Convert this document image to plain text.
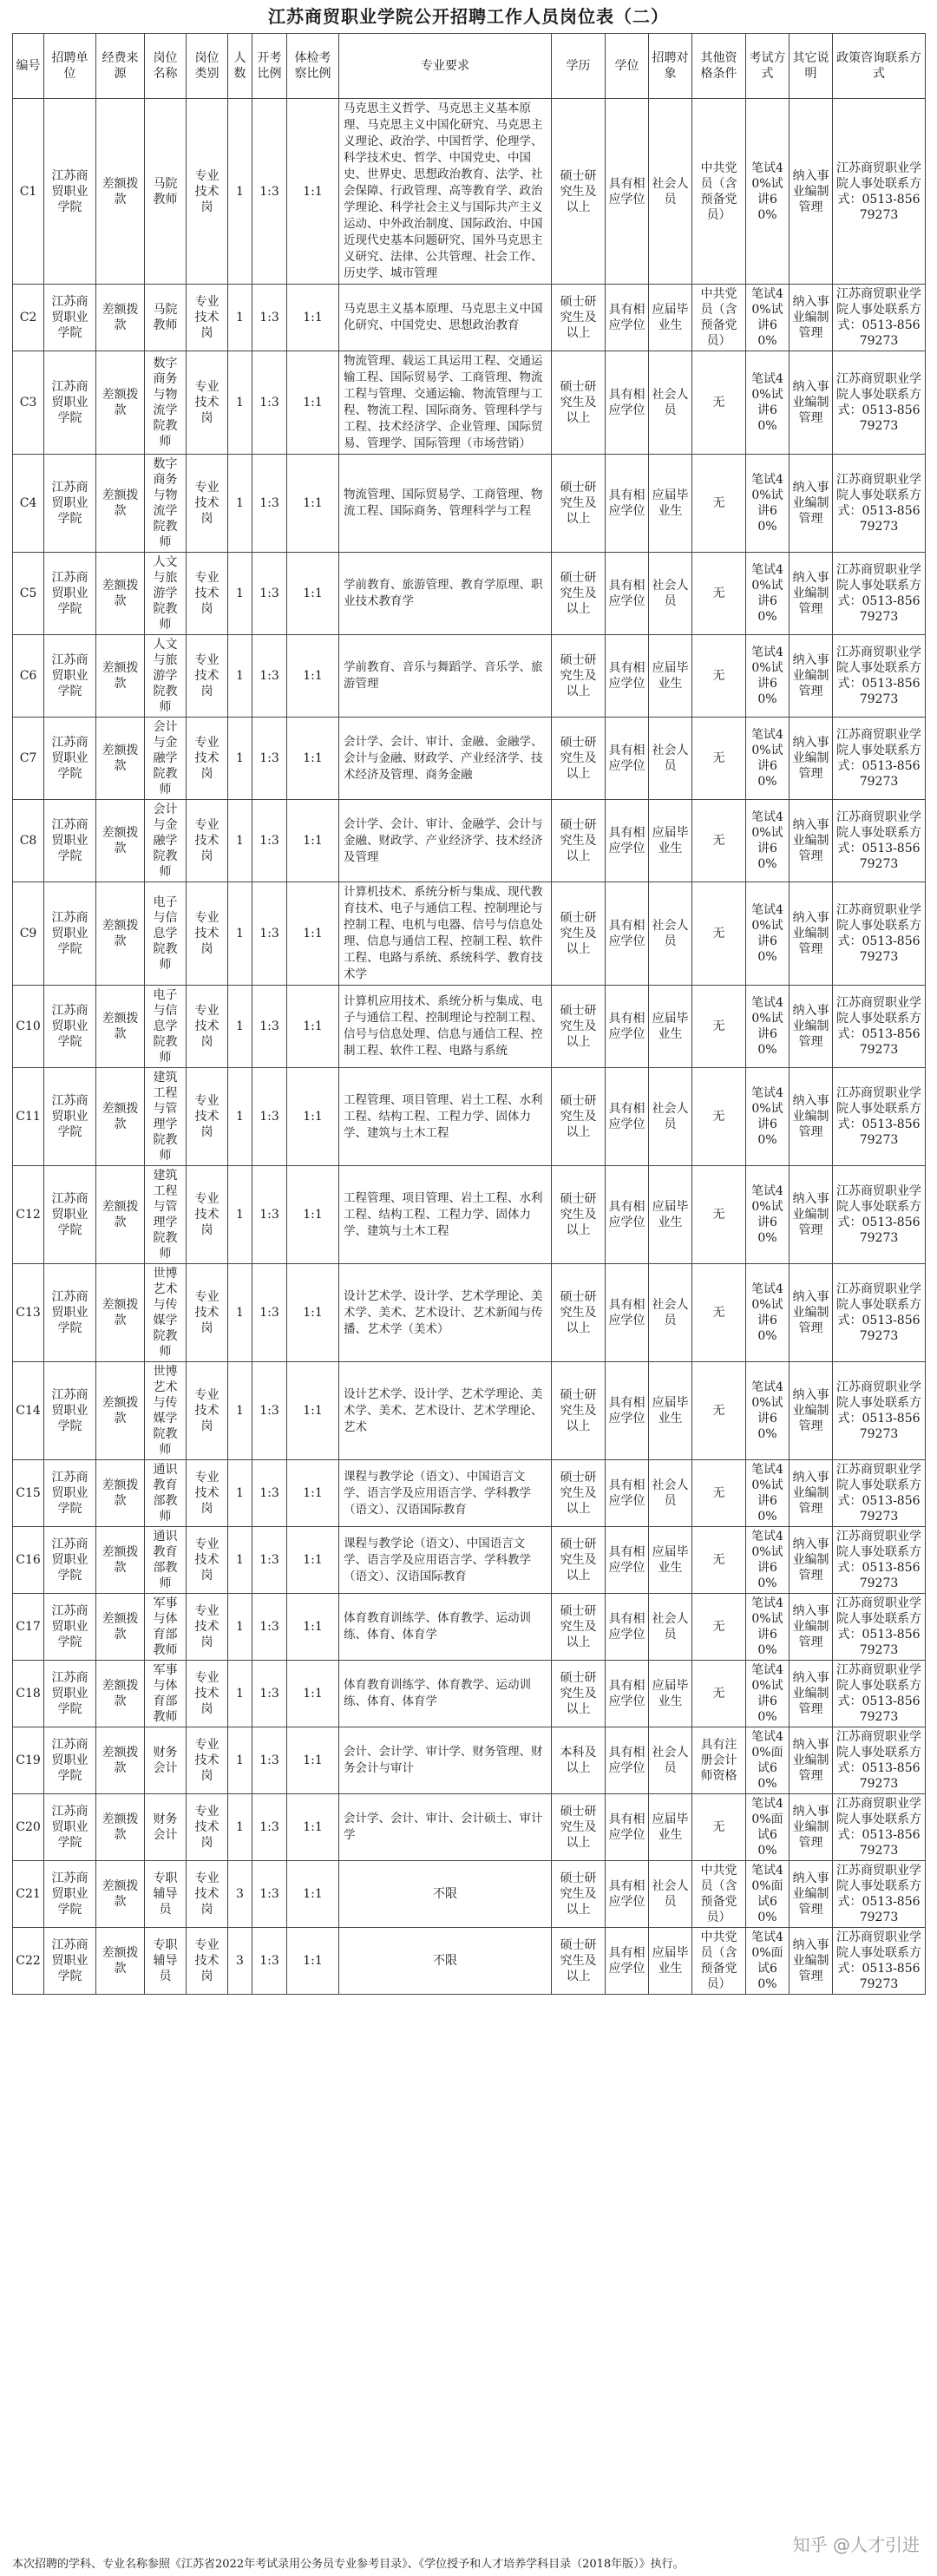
江苏商贸职业学院公开招聘工作人员岗位表（二）
编号	招聘单位	经费来源	岗位名称	岗位类别	人数	开考比例	体检考察比例	专业要求	学历	学位	招聘对象	其他资格条件	考试方式	其它说明	政策咨询联系方式
C1	江苏商贸职业学院	差额拨款	马院教师	专业技术岗	1	1:3	1:1	马克思主义哲学、马克思主义基本原理、马克思主义中国化研究、马克思主义理论、政治学、中国哲学、伦理学、科学技术史、哲学、中国党史、中国史、世界史、思想政治教育、法学、社会保障、行政管理、高等教育学、政治学理论、科学社会主义与国际共产主义运动、中外政治制度、国际政治、中国近现代史基本问题研究、国外马克思主义研究、法律、公共管理、社会工作、历史学、城市管理	硕士研究生及以上	具有相应学位	社会人员	中共党员（含预备党员）	笔试40%试讲60%	纳入事业编制管理	江苏商贸职业学院人事处联系方式：0513-85679273
C2	江苏商贸职业学院	差额拨款	马院教师	专业技术岗	1	1:3	1:1	马克思主义基本原理、马克思主义中国化研究、中国党史、思想政治教育	硕士研究生及以上	具有相应学位	应届毕业生	中共党员（含预备党员）	笔试40%试讲60%	纳入事业编制管理	江苏商贸职业学院人事处联系方式：0513-85679273
C3	江苏商贸职业学院	差额拨款	数字商务与物流学院教师	专业技术岗	1	1:3	1:1	物流管理、载运工具运用工程、交通运输工程、国际贸易学、工商管理、物流工程与管理、交通运输、物流管理与工程、物流工程、国际商务、管理科学与工程、技术经济学、企业管理、国际贸易、管理学、国际管理（市场营销）	硕士研究生及以上	具有相应学位	社会人员	无	笔试40%试讲60%	纳入事业编制管理	江苏商贸职业学院人事处联系方式：0513-85679273
C4	江苏商贸职业学院	差额拨款	数字商务与物流学院教师	专业技术岗	1	1:3	1:1	物流管理、国际贸易学、工商管理、物流工程、国际商务、管理科学与工程	硕士研究生及以上	具有相应学位	应届毕业生	无	笔试40%试讲60%	纳入事业编制管理	江苏商贸职业学院人事处联系方式：0513-85679273
C5	江苏商贸职业学院	差额拨款	人文与旅游学院教师	专业技术岗	1	1:3	1:1	学前教育、旅游管理、教育学原理、职业技术教育学	硕士研究生及以上	具有相应学位	社会人员	无	笔试40%试讲60%	纳入事业编制管理	江苏商贸职业学院人事处联系方式：0513-85679273
C6	江苏商贸职业学院	差额拨款	人文与旅游学院教师	专业技术岗	1	1:3	1:1	学前教育、音乐与舞蹈学、音乐学、旅游管理	硕士研究生及以上	具有相应学位	应届毕业生	无	笔试40%试讲60%	纳入事业编制管理	江苏商贸职业学院人事处联系方式：0513-85679273
C7	江苏商贸职业学院	差额拨款	会计与金融学院教师	专业技术岗	1	1:3	1:1	会计学、会计、审计、金融、金融学、会计与金融、财政学、产业经济学、技术经济及管理、商务金融	硕士研究生及以上	具有相应学位	社会人员	无	笔试40%试讲60%	纳入事业编制管理	江苏商贸职业学院人事处联系方式：0513-85679273
C8	江苏商贸职业学院	差额拨款	会计与金融学院教师	专业技术岗	1	1:3	1:1	会计学、会计、审计、金融学、会计与金融、财政学、产业经济学、技术经济及管理	硕士研究生及以上	具有相应学位	应届毕业生	无	笔试40%试讲60%	纳入事业编制管理	江苏商贸职业学院人事处联系方式：0513-85679273
C9	江苏商贸职业学院	差额拨款	电子与信息学院教师	专业技术岗	1	1:3	1:1	计算机技术、系统分析与集成、现代教育技术、电子与通信工程、控制理论与控制工程、电机与电器、信号与信息处理、信息与通信工程、控制工程、软件工程、电路与系统、系统科学、教育技术学	硕士研究生及以上	具有相应学位	社会人员	无	笔试40%试讲60%	纳入事业编制管理	江苏商贸职业学院人事处联系方式：0513-85679273
C10	江苏商贸职业学院	差额拨款	电子与信息学院教师	专业技术岗	1	1:3	1:1	计算机应用技术、系统分析与集成、电子与通信工程、控制理论与控制工程、信号与信息处理、信息与通信工程、控制工程、软件工程、电路与系统	硕士研究生及以上	具有相应学位	应届毕业生	无	笔试40%试讲60%	纳入事业编制管理	江苏商贸职业学院人事处联系方式：0513-85679273
C11	江苏商贸职业学院	差额拨款	建筑工程与管理学院教师	专业技术岗	1	1:3	1:1	工程管理、项目管理、岩土工程、水利工程、结构工程、工程力学、固体力学、建筑与土木工程	硕士研究生及以上	具有相应学位	社会人员	无	笔试40%试讲60%	纳入事业编制管理	江苏商贸职业学院人事处联系方式：0513-85679273
C12	江苏商贸职业学院	差额拨款	建筑工程与管理学院教师	专业技术岗	1	1:3	1:1	工程管理、项目管理、岩土工程、水利工程、结构工程、工程力学、固体力学、建筑与土木工程	硕士研究生及以上	具有相应学位	应届毕业生	无	笔试40%试讲60%	纳入事业编制管理	江苏商贸职业学院人事处联系方式：0513-85679273
C13	江苏商贸职业学院	差额拨款	世博艺术与传媒学院教师	专业技术岗	1	1:3	1:1	设计艺术学、设计学、艺术学理论、美术学、美术、艺术设计、艺术新闻与传播、艺术学（美术）	硕士研究生及以上	具有相应学位	社会人员	无	笔试40%试讲60%	纳入事业编制管理	江苏商贸职业学院人事处联系方式：0513-85679273
C14	江苏商贸职业学院	差额拨款	世博艺术与传媒学院教师	专业技术岗	1	1:3	1:1	设计艺术学、设计学、艺术学理论、美术学、美术、艺术设计、艺术学理论、艺术	硕士研究生及以上	具有相应学位	应届毕业生	无	笔试40%试讲60%	纳入事业编制管理	江苏商贸职业学院人事处联系方式：0513-85679273
C15	江苏商贸职业学院	差额拨款	通识教育部教师	专业技术岗	1	1:3	1:1	课程与教学论（语文）、中国语言文学、语言学及应用语言学、学科教学（语文）、汉语国际教育	硕士研究生及以上	具有相应学位	社会人员	无	笔试40%试讲60%	纳入事业编制管理	江苏商贸职业学院人事处联系方式：0513-85679273
C16	江苏商贸职业学院	差额拨款	通识教育部教师	专业技术岗	1	1:3	1:1	课程与教学论（语文）、中国语言文学、语言学及应用语言学、学科教学（语文）、汉语国际教育	硕士研究生及以上	具有相应学位	应届毕业生	无	笔试40%试讲60%	纳入事业编制管理	江苏商贸职业学院人事处联系方式：0513-85679273
C17	江苏商贸职业学院	差额拨款	军事与体育部教师	专业技术岗	1	1:3	1:1	体育教育训练学、体育教学、运动训练、体育、体育学	硕士研究生及以上	具有相应学位	社会人员	无	笔试40%试讲60%	纳入事业编制管理	江苏商贸职业学院人事处联系方式：0513-85679273
C18	江苏商贸职业学院	差额拨款	军事与体育部教师	专业技术岗	1	1:3	1:1	体育教育训练学、体育教学、运动训练、体育、体育学	硕士研究生及以上	具有相应学位	应届毕业生	无	笔试40%试讲60%	纳入事业编制管理	江苏商贸职业学院人事处联系方式：0513-85679273
C19	江苏商贸职业学院	差额拨款	财务会计	专业技术岗	1	1:3	1:1	会计、会计学、审计学、财务管理、财务会计与审计	本科及以上	具有相应学位	社会人员	具有注册会计师资格	笔试40%面试60%	纳入事业编制管理	江苏商贸职业学院人事处联系方式：0513-85679273
C20	江苏商贸职业学院	差额拨款	财务会计	专业技术岗	1	1:3	1:1	会计学、会计、审计、会计硕士、审计学	硕士研究生及以上	具有相应学位	应届毕业生	无	笔试40%面试60%	纳入事业编制管理	江苏商贸职业学院人事处联系方式：0513-85679273
C21	江苏商贸职业学院	差额拨款	专职辅导员	专业技术岗	3	1:3	1:1	不限	硕士研究生及以上	具有相应学位	社会人员	中共党员（含预备党员）	笔试40%面试60%	纳入事业编制管理	江苏商贸职业学院人事处联系方式：0513-85679273
C22	江苏商贸职业学院	差额拨款	专职辅导员	专业技术岗	3	1:3	1:1	不限	硕士研究生及以上	具有相应学位	应届毕业生	中共党员（含预备党员）	笔试40%面试60%	纳入事业编制管理	江苏商贸职业学院人事处联系方式：0513-85679273
本次招聘的学科、专业名称参照《江苏省2022年考试录用公务员专业参考目录》、《学位授予和人才培养学科目录（2018年版）》执行。
知乎 @人才引进
